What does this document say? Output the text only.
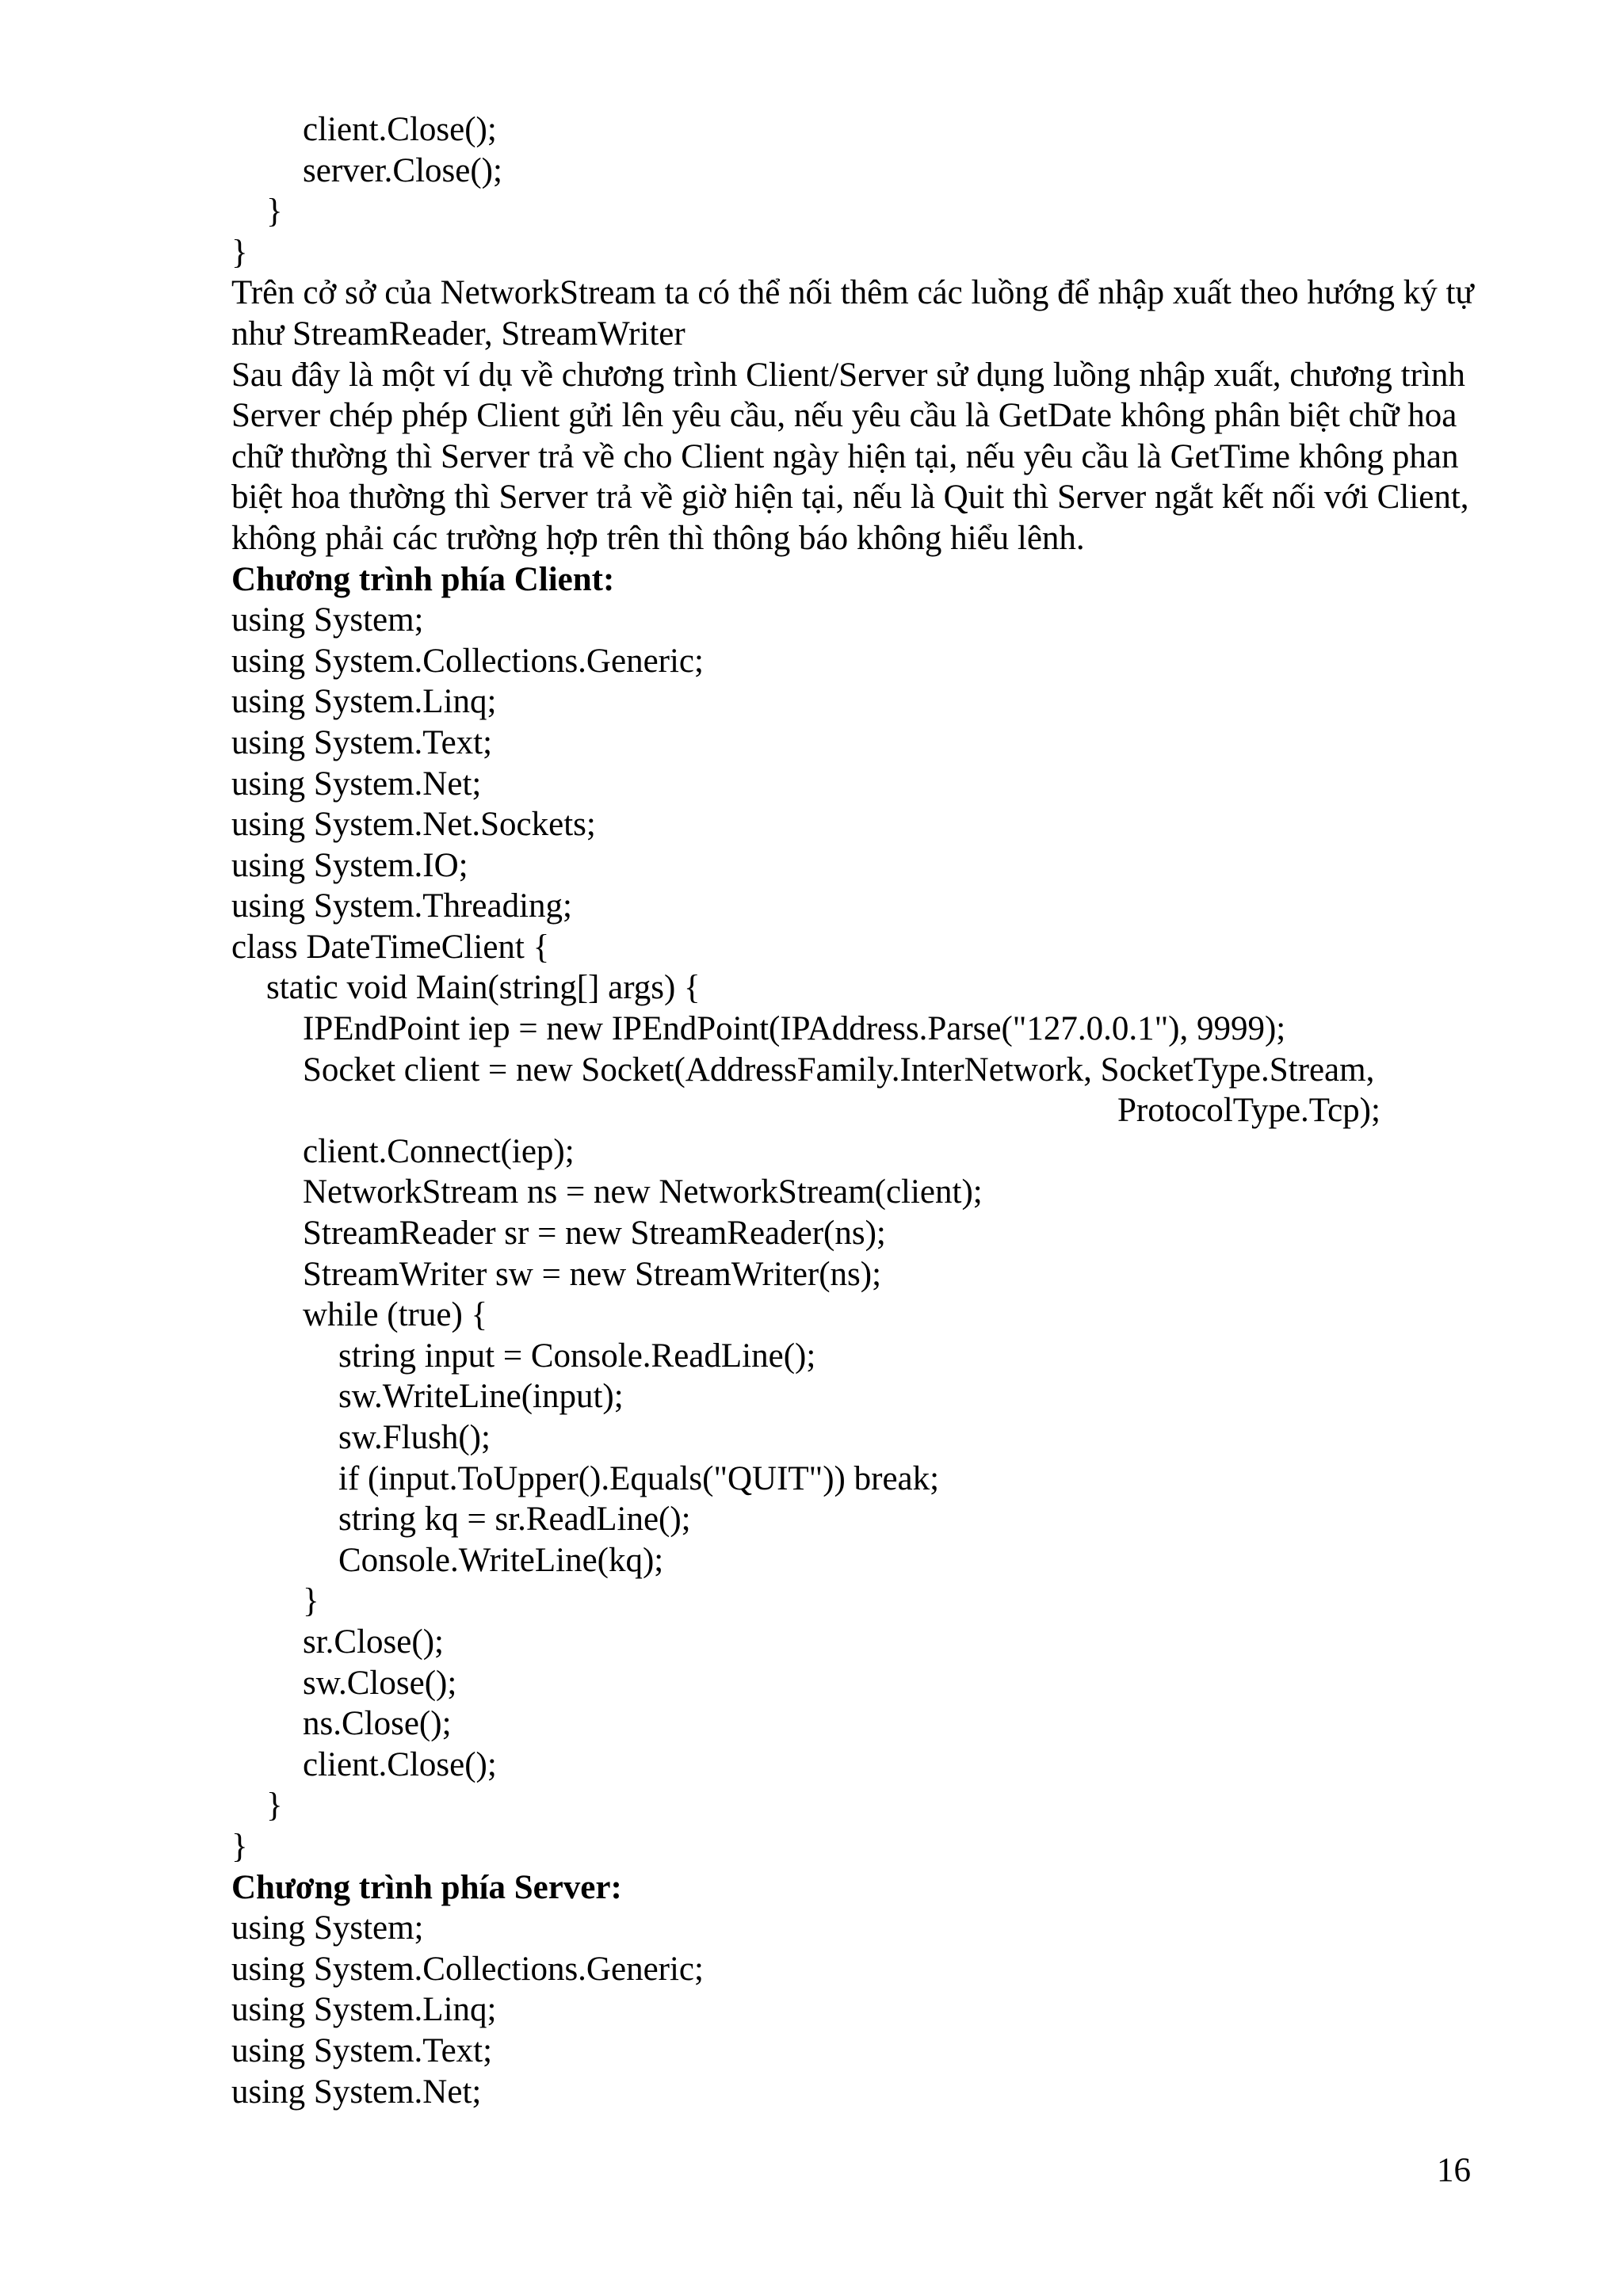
client.Close();
server.Close();
}
}
Trên cở sở của NetworkStream ta có thể nối thêm các luồng để nhập xuất theo hướng ký tự như StreamReader, StreamWriter
Sau đây là một ví dụ về chương trình Client/Server sử dụng luồng nhập xuất, chương trình Server chép phép Client gửi lên yêu cầu, nếu yêu cầu là GetDate không phân biệt chữ hoa chữ thường thì Server trả về cho Client ngày hiện tại, nếu yêu cầu là GetTime không phan biệt hoa thường thì Server trả về giờ hiện tại, nếu là Quit thì Server ngắt kết nối với Client, không phải các trường hợp trên thì thông báo không hiểu lênh.
Chương trình phía Client:
using System;
using System.Collections.Generic;
using System.Linq;
using System.Text;
using System.Net;
using System.Net.Sockets;
using System.IO;
using System.Threading;
class DateTimeClient {
static void Main(string[] args) {
IPEndPoint iep = new IPEndPoint(IPAddress.Parse("127.0.0.1"), 9999);
Socket client = new Socket(AddressFamily.InterNetwork, SocketType.Stream,
ProtocolType.Tcp);
client.Connect(iep);
NetworkStream ns = new NetworkStream(client);
StreamReader sr = new StreamReader(ns);
StreamWriter sw = new StreamWriter(ns);
while (true) {
string input = Console.ReadLine();
sw.WriteLine(input);
sw.Flush();
if (input.ToUpper().Equals("QUIT")) break;
string kq = sr.ReadLine();
Console.WriteLine(kq);
}
sr.Close();
sw.Close();
ns.Close();
client.Close();
}
}
Chương trình phía Server:
using System;
using System.Collections.Generic;
using System.Linq;
using System.Text;
using System.Net;
16
